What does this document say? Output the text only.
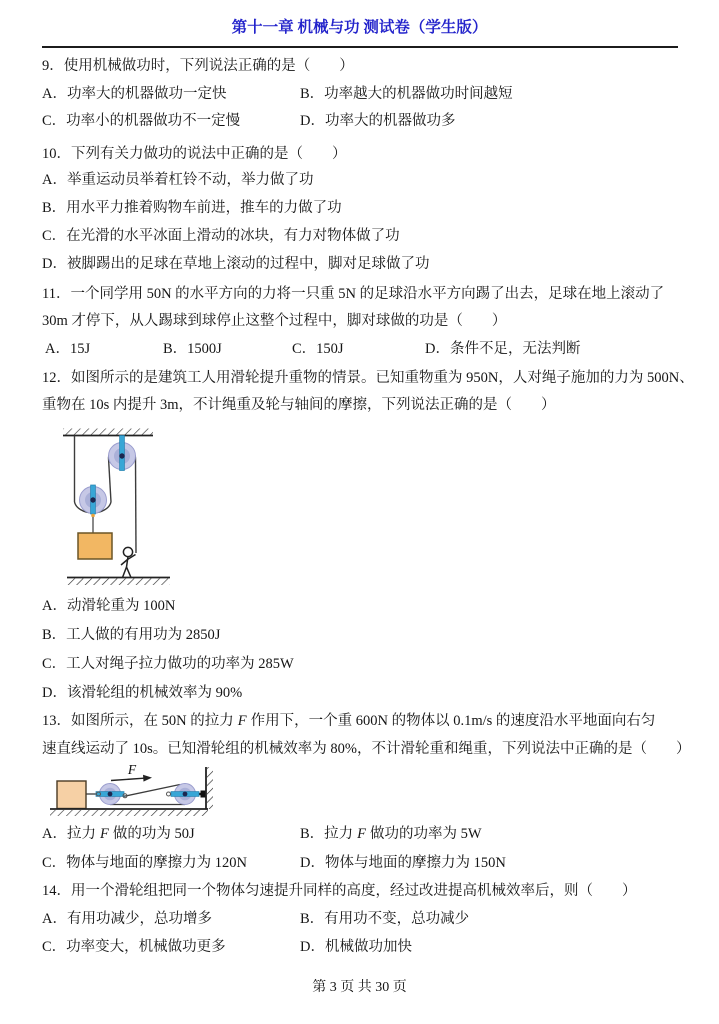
第十一章 机械与功 测试卷（学生版）
9．使用机械做功时，下列说法正确的是（　　）
A．功率大的机器做功一定快	B．功率越大的机器做功时间越短
C．功率小的机器做功不一定慢	D．功率大的机器做功多
10．下列有关力做功的说法中正确的是（　　）
A．举重运动员举着杠铃不动，举力做了功
B．用水平力推着购物车前进，推车的力做了功
C．在光滑的水平冰面上滑动的冰块，有力对物体做了功
D．被脚踢出的足球在草地上滚动的过程中，脚对足球做了功
11．一个同学用 50N 的水平方向的力将一只重 5N 的足球沿水平方向踢了出去，足球在地上滚动了
30m 才停下，从人踢球到球停止这整个过程中，脚对球做的功是（　　）
A．15J	B．1500J	C．150J	D．条件不足，无法判断
12．如图所示的是建筑工人用滑轮提升重物的情景。已知重物重为 950N，人对绳子施加的力为 500N、
重物在 10s 内提升 3m，不计绳重及轮与轴间的摩擦，下列说法正确的是（　　）
A．动滑轮重为 100N
B．工人做的有用功为 2850J
C．工人对绳子拉力做功的功率为 285W
D．该滑轮组的机械效率为 90%
13．如图所示，在 50N 的拉力 F 作用下，一个重 600N 的物体以 0.1m/s 的速度沿水平地面向右匀
速直线运动了 10s。已知滑轮组的机械效率为 80%，不计滑轮重和绳重，下列说法中正确的是（　　）
F
A．拉力 F 做的功为 50J	B．拉力 F 做功的功率为 5W
C．物体与地面的摩擦力为 120N	D．物体与地面的摩擦力为 150N
14．用一个滑轮组把同一个物体匀速提升同样的高度，经过改进提高机械效率后，则（　　）
A．有用功减少，总功增多	B．有用功不变，总功减少
C．功率变大，机械做功更多	D．机械做功加快
第 3 页 共 30 页
